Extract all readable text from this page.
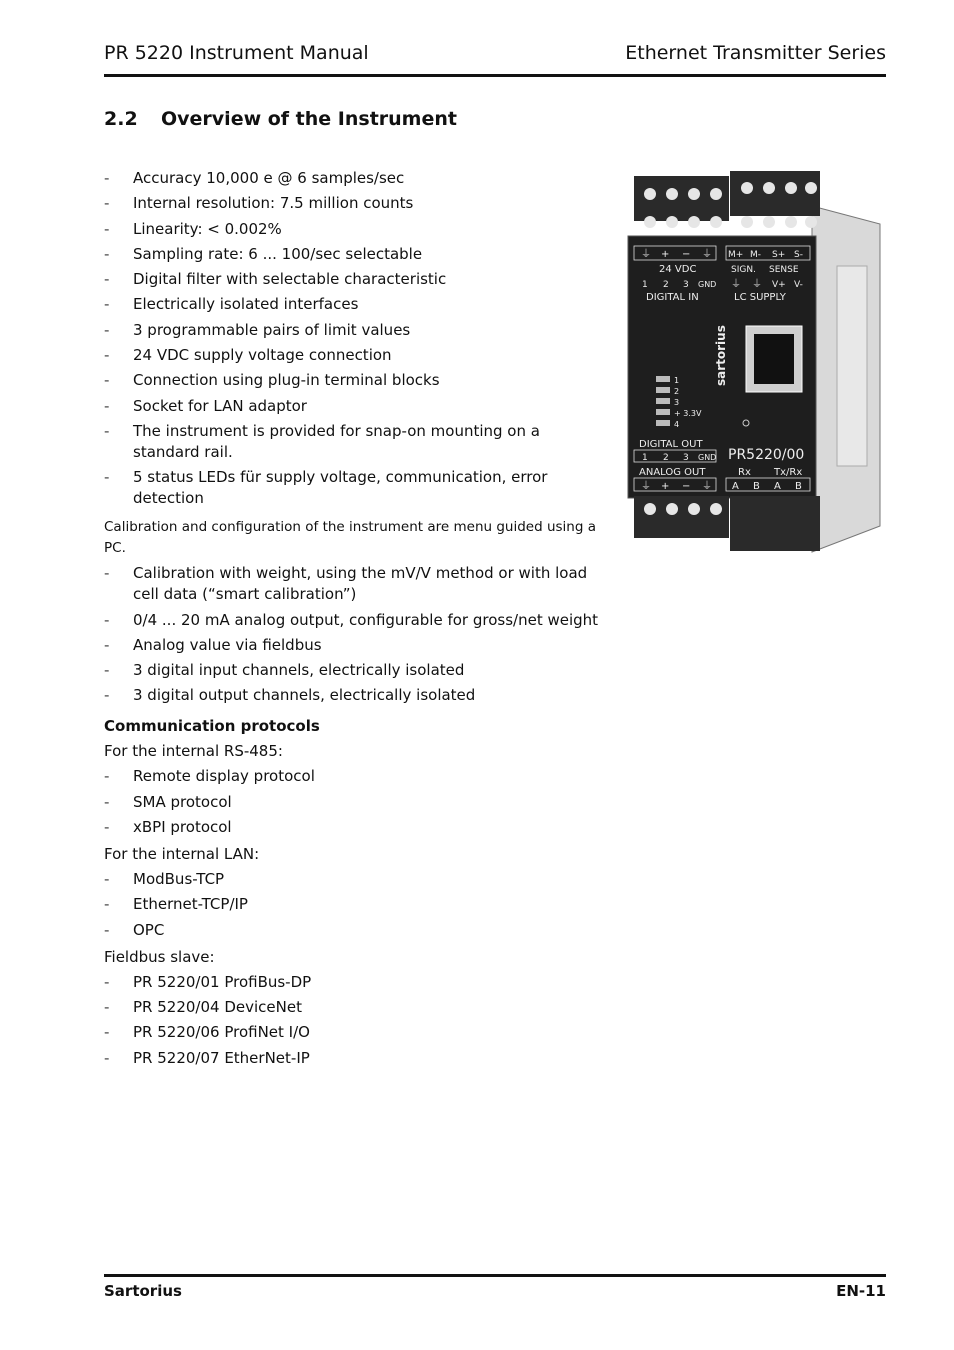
PR 5220 Instrument Manual	Ethernet Transmitter Series
2.2 Overview of the Instrument
- Accuracy 10,000 e @ 6 samples/sec
- Internal resolution: 7.5 million counts
- Linearity: < 0.002%
- Sampling rate: 6 ... 100/sec selectable
- Digital filter with selectable characteristic
- Electrically isolated interfaces
- 3 programmable pairs of limit values
- 24 VDC supply voltage connection
- Connection using plug-in terminal blocks
- Socket for LAN adaptor
- The instrument is provided for snap-on mounting on a standard rail.
- 5 status LEDs für supply voltage, communication, error detection
Calibration and configuration of the instrument are menu guided using a PC.
- Calibration with weight, using the mV/V method or with load cell data (“smart calibration”)
- 0/4 ... 20 mA analog output, configurable for gross/net weight
- Analog value via fieldbus
- 3 digital input channels, electrically isolated
- 3 digital output channels, electrically isolated
Communication protocols
For the internal RS-485:
- Remote display protocol
- SMA protocol
- xBPI protocol
For the internal LAN:
- ModBus-TCP
- Ethernet-TCP/IP
- OPC
Fieldbus slave:
- PR 5220/01 ProfiBus-DP
- PR 5220/04 DeviceNet
- PR 5220/06 ProfiNet I/O
- PR 5220/07 EtherNet-IP
⏚ + − ⏚
24 VDC
1 2 3 GND
DIGITAL IN
M+ M- S+ S-
SIGN. SENSE
⏚ ⏚ V+ V-
LC SUPPLY
sartorius
1
2
3
+ 3.3V
4
DIGITAL OUT
1 2 3 GND
ANALOG OUT
⏚ + − ⏚
PR5220/00
Rx Tx/Rx
A B A B
Sartorius	EN-11
